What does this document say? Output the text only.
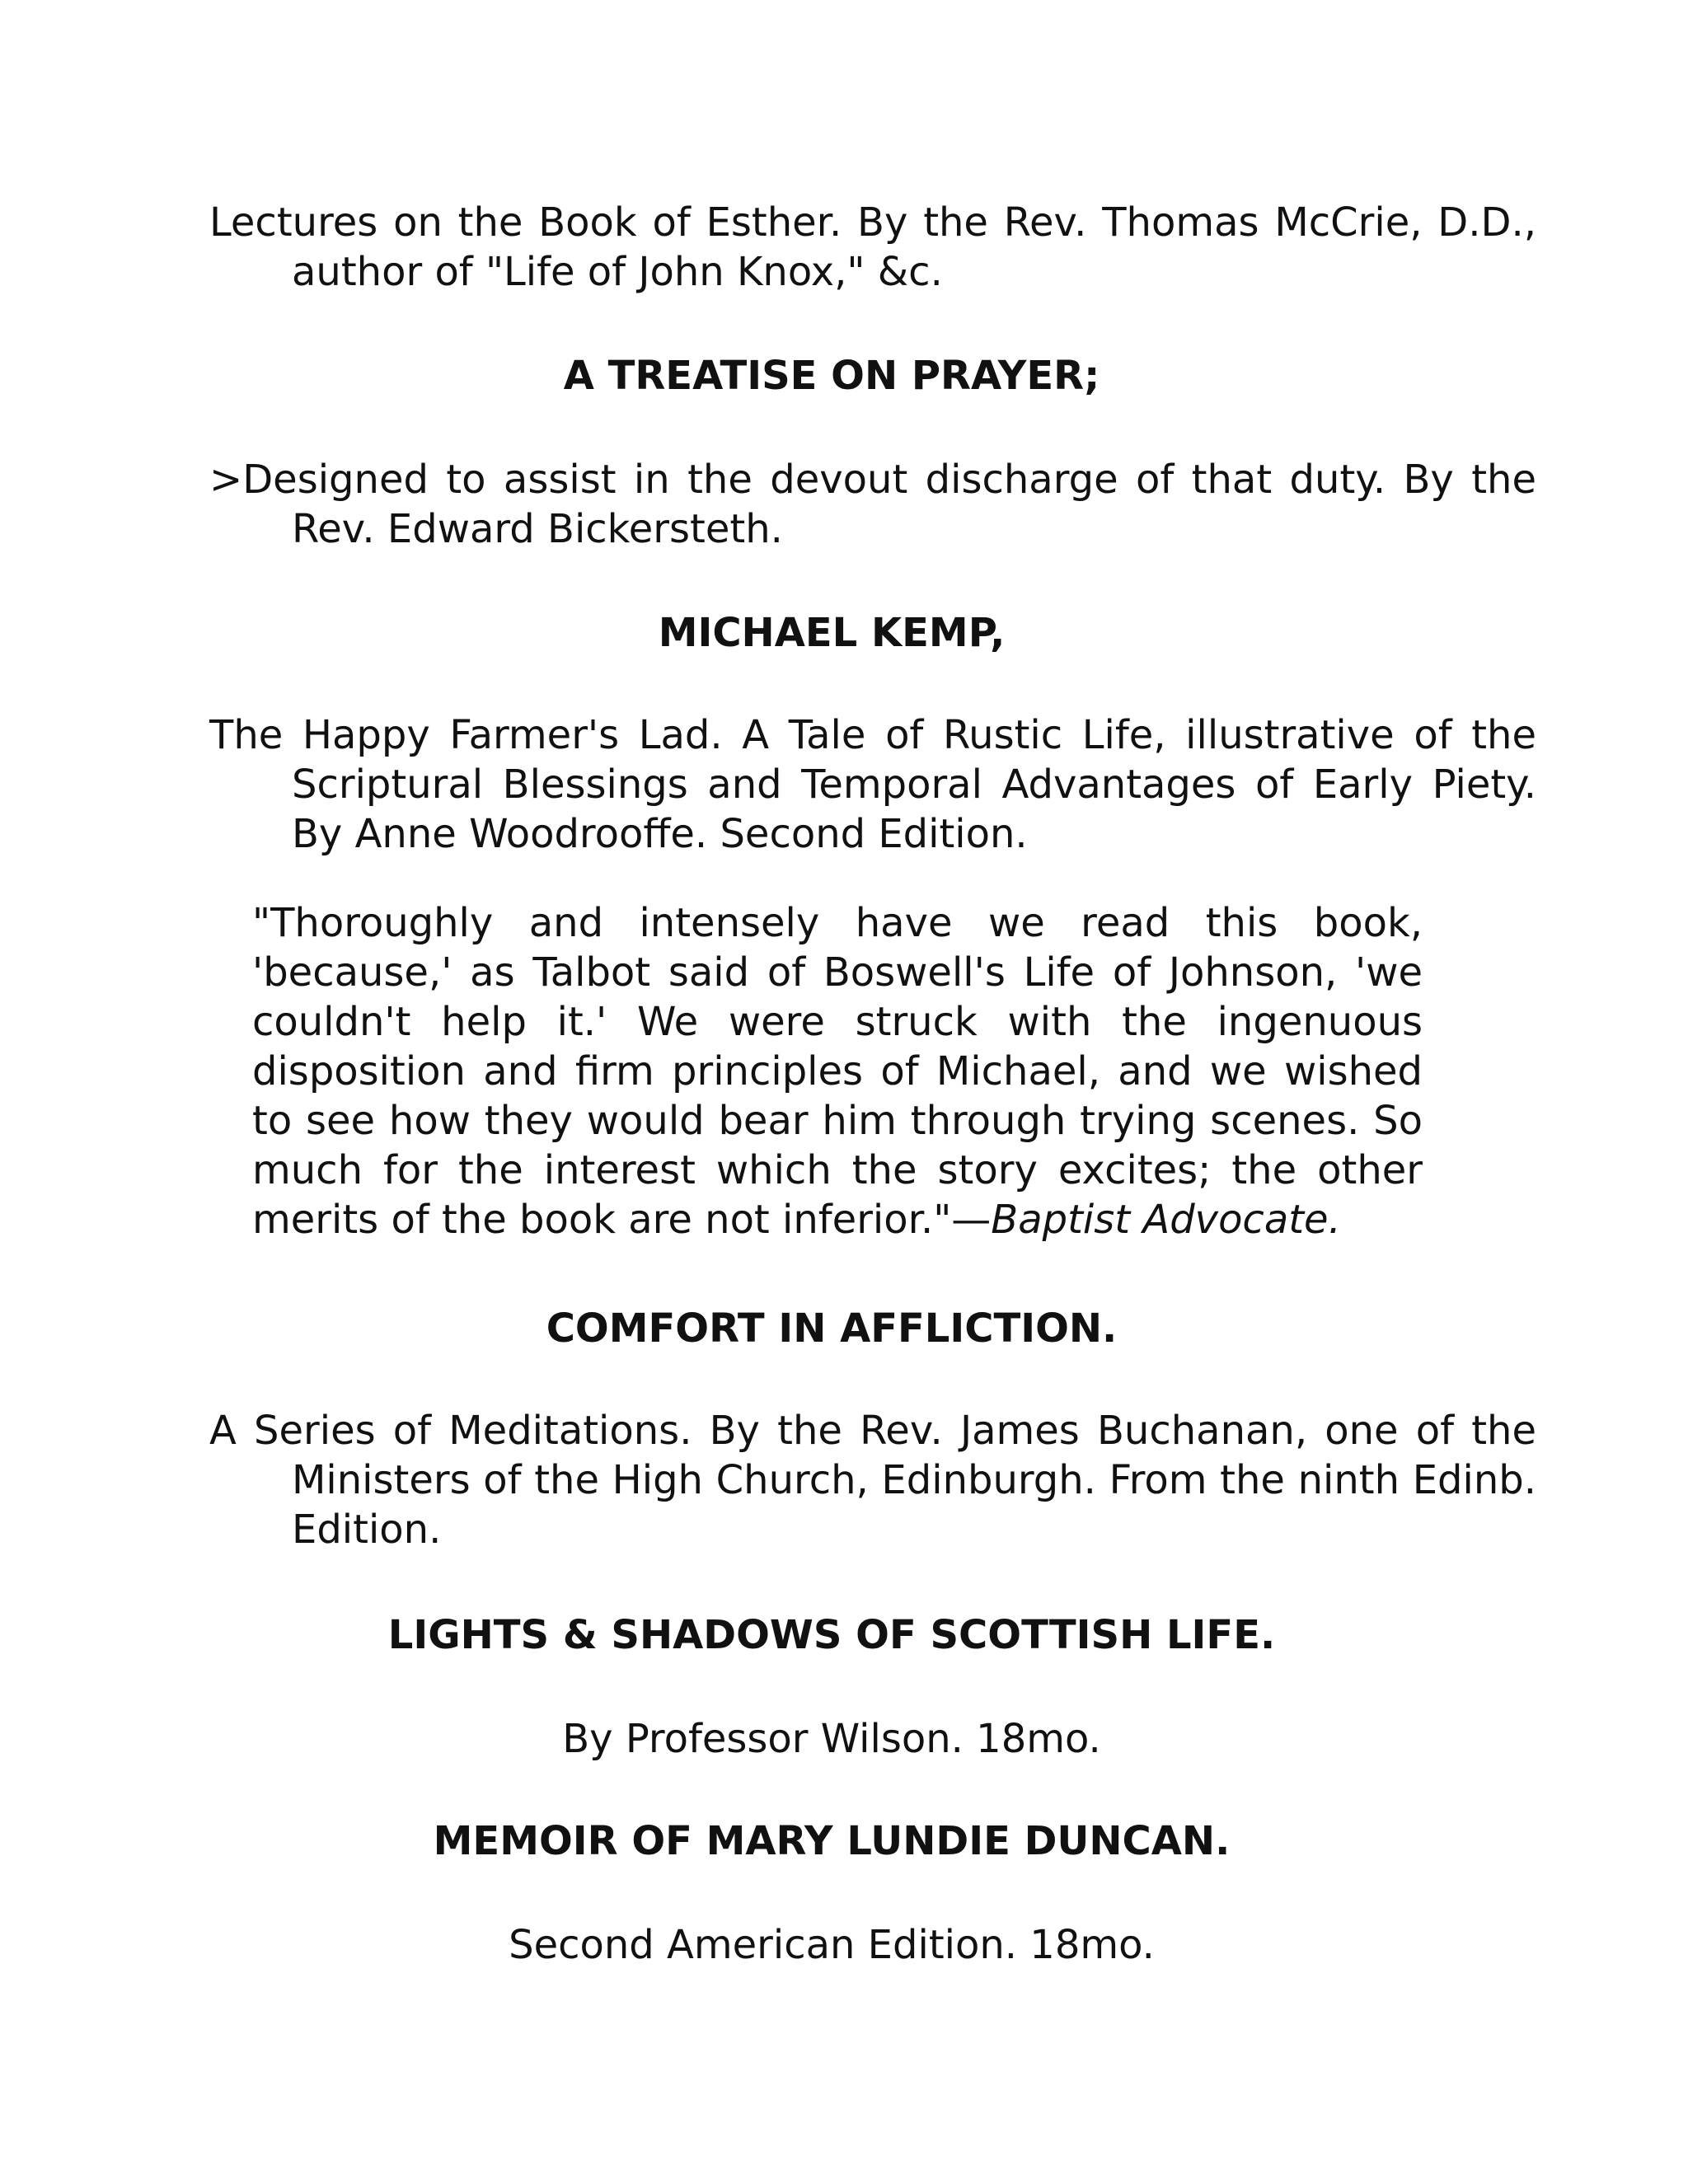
Lectures on the Book of Esther. By the Rev. Thomas McCrie, D.D., author of "Life of John Knox," &c.

A TREATISE ON PRAYER;

>Designed to assist in the devout discharge of that duty. By the Rev. Edward Bickersteth.

MICHAEL KEMP,

The Happy Farmer's Lad. A Tale of Rustic Life, illustrative of the Scriptural Blessings and Temporal Advantages of Early Piety. By Anne Woodrooffe. Second Edition.

"Thoroughly and intensely have we read this book, 'because,' as Talbot said of Boswell's Life of Johnson, 'we couldn't help it.' We were struck with the ingenuous disposition and firm principles of Michael, and we wished to see how they would bear him through trying scenes. So much for the interest which the story excites; the other merits of the book are not inferior."—Baptist Advocate.

COMFORT IN AFFLICTION.

A Series of Meditations. By the Rev. James Buchanan, one of the Ministers of the High Church, Edinburgh. From the ninth Edinb. Edition.

LIGHTS & SHADOWS OF SCOTTISH LIFE.

By Professor Wilson. 18mo.

MEMOIR OF MARY LUNDIE DUNCAN.

Second American Edition. 18mo.
